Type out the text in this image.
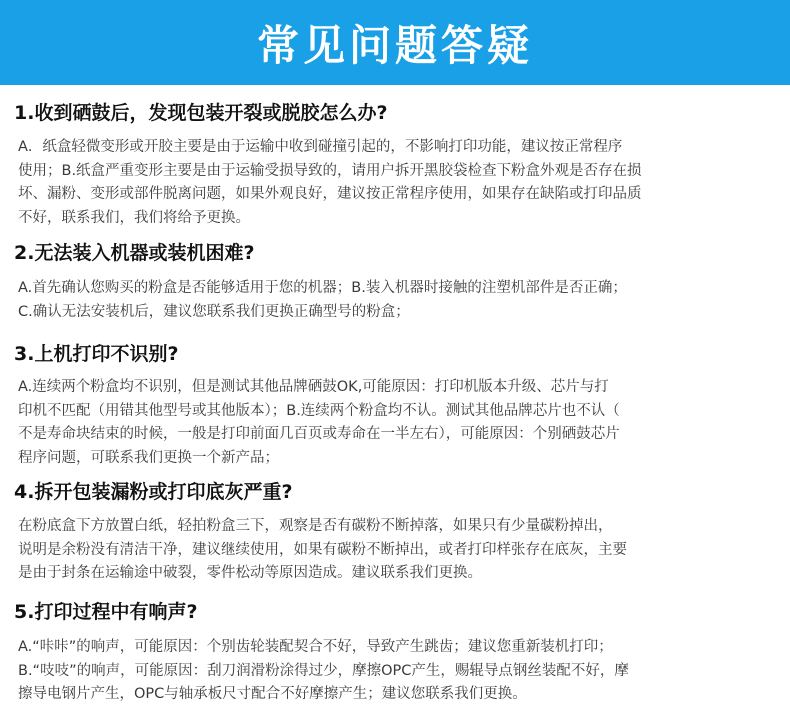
常见问题答疑
1.收到硒鼓后，发现包装开裂或脱胶怎么办?

A．纸盒轻微变形或开胶主要是由于运输中收到碰撞引起的，不影响打印功能，建议按正常程序
使用；B.纸盒严重变形主要是由于运输受损导致的，请用户拆开黑胶袋检查下粉盒外观是否存在损
坏、漏粉、变形或部件脱离问题，如果外观良好，建议按正常程序使用，如果存在缺陷或打印品质
不好，联系我们，我们将给予更换。

2.无法装入机器或装机困难?

A.首先确认您购买的粉盒是否能够适用于您的机器；B.装入机器时接触的注塑机部件是否正确；
C.确认无法安装机后，建议您联系我们更换正确型号的粉盒；

3.上机打印不识别?

A.连续两个粉盒均不识别，但是测试其他品牌硒鼓OK,可能原因：打印机版本升级、芯片与打
印机不匹配（用错其他型号或其他版本）；B.连续两个粉盒均不认。测试其他品牌芯片也不认（
不是寿命块结束的时候，一般是打印前面几百页或寿命在一半左右），可能原因：个别硒鼓芯片
程序问题，可联系我们更换一个新产品；

4.拆开包装漏粉或打印底灰严重?

在粉底盒下方放置白纸，轻拍粉盒三下，观察是否有碳粉不断掉落，如果只有少量碳粉掉出，
说明是余粉没有清洁干净，建议继续使用，如果有碳粉不断掉出，或者打印样张存在底灰，主要
是由于封条在运输途中破裂，零件松动等原因造成。建议联系我们更换。

5.打印过程中有响声?

A.“咔咔”的响声，可能原因：个别齿轮装配契合不好，导致产生跳齿；建议您重新装机打印；
B.“吱吱”的响声，可能原因：刮刀润滑粉涂得过少，摩擦OPC产生，赐辊导点钢丝装配不好，摩
擦导电钢片产生，OPC与轴承板尺寸配合不好摩擦产生；建议您联系我们更换。
